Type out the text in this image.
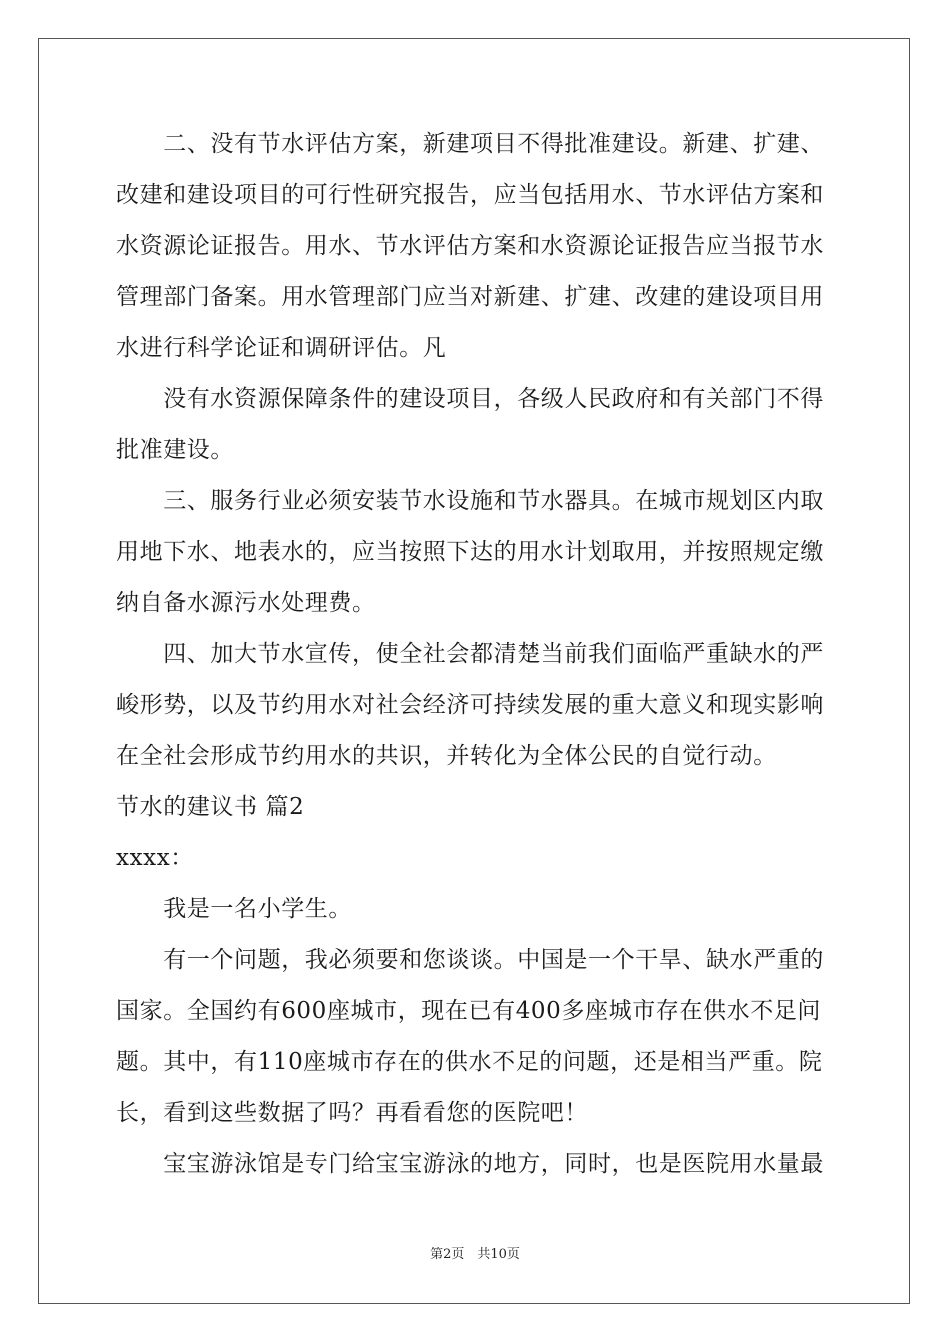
　　二、没有节水评估方案，新建项目不得批准建设。新建、扩建、
改建和建设项目的可行性研究报告，应当包括用水、节水评估方案和
水资源论证报告。用水、节水评估方案和水资源论证报告应当报节水
管理部门备案。用水管理部门应当对新建、扩建、改建的建设项目用
水进行科学论证和调研评估。凡
　　没有水资源保障条件的建设项目，各级人民政府和有关部门不得
批准建设。
　　三、服务行业必须安装节水设施和节水器具。在城市规划区内取
用地下水、地表水的，应当按照下达的用水计划取用，并按照规定缴
纳自备水源污水处理费。
　　四、加大节水宣传，使全社会都清楚当前我们面临严重缺水的严
峻形势，以及节约用水对社会经济可持续发展的重大意义和现实影响
在全社会形成节约用水的共识，并转化为全体公民的自觉行动。
节水的建议书 篇2
xxxx：
　　我是一名小学生。
　　有一个问题，我必须要和您谈谈。中国是一个干旱、缺水严重的
国家。全国约有600座城市，现在已有400多座城市存在供水不足问
题。其中，有110座城市存在的供水不足的问题，还是相当严重。院
长，看到这些数据了吗？再看看您的医院吧！
　　宝宝游泳馆是专门给宝宝游泳的地方，同时，也是医院用水量最
第2页　共10页
